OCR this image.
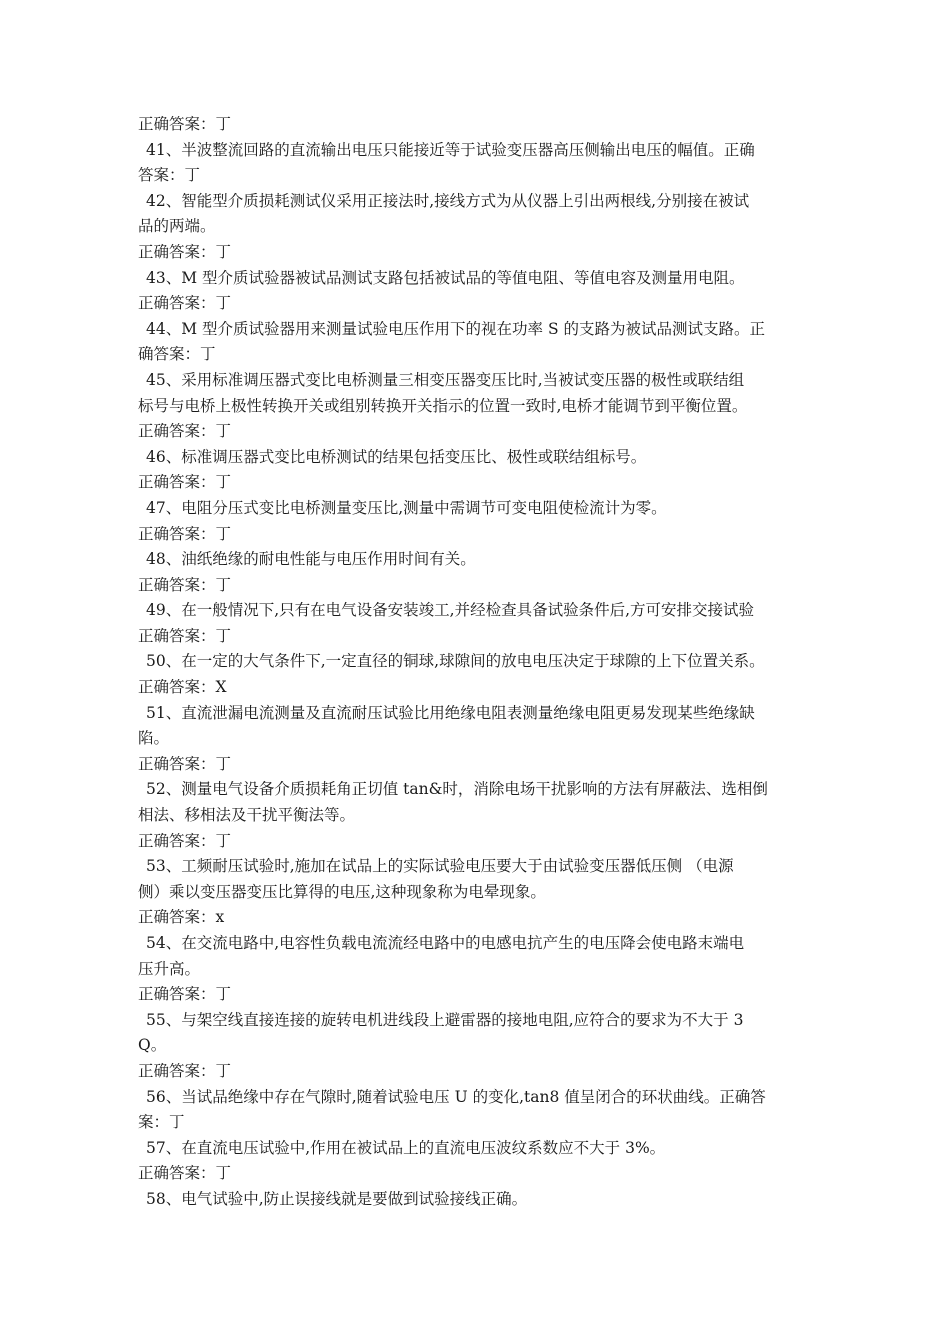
正确答案：丁
41、半波整流回路的直流输出电压只能接近等于试验变压器高压侧输出电压的幅值。正确
答案：丁
42、智能型介质损耗测试仪采用正接法时,接线方式为从仪器上引出两根线,分别接在被试
品的两端。
正确答案：丁
43、M 型介质试验器被试品测试支路包括被试品的等值电阻、等值电容及测量用电阻。
正确答案：丁
44、M 型介质试验器用来测量试验电压作用下的视在功率 S 的支路为被试品测试支路。正
确答案：丁
45、采用标准调压器式变比电桥测量三相变压器变压比时,当被试变压器的极性或联结组
标号与电桥上极性转换开关或组别转换开关指示的位置一致时,电桥才能调节到平衡位置。
正确答案：丁
46、标准调压器式变比电桥测试的结果包括变压比、极性或联结组标号。
正确答案：丁
47、电阻分压式变比电桥测量变压比,测量中需调节可变电阻使检流计为零。
正确答案：丁
48、油纸绝缘的耐电性能与电压作用时间有关。
正确答案：丁
49、在一般情况下,只有在电气设备安装竣工,并经检查具备试验条件后,方可安排交接试验
正确答案：丁
50、在一定的大气条件下,一定直径的铜球,球隙间的放电电压决定于球隙的上下位置关系。
正确答案：X
51、直流泄漏电流测量及直流耐压试验比用绝缘电阻表测量绝缘电阻更易发现某些绝缘缺
陷。
正确答案：丁
52、测量电气设备介质损耗角正切值 tan&时，消除电场干扰影响的方法有屏蔽法、选相倒
相法、移相法及干扰平衡法等。
正确答案：丁
53、工频耐压试验时,施加在试品上的实际试验电压要大于由试验变压器低压侧 （电源
侧）乘以变压器变压比算得的电压,这种现象称为电晕现象。
正确答案：x
54、在交流电路中,电容性负载电流流经电路中的电感电抗产生的电压降会使电路末端电
压升高。
正确答案：丁
55、与架空线直接连接的旋转电机进线段上避雷器的接地电阻,应符合的要求为不大于 3
Q。
正确答案：丁
56、当试品绝缘中存在气隙时,随着试验电压 U 的变化,tan8 值呈闭合的环状曲线。正确答
案：丁
57、在直流电压试验中,作用在被试品上的直流电压波纹系数应不大于 3%。
正确答案：丁
58、电气试验中,防止误接线就是要做到试验接线正确。
